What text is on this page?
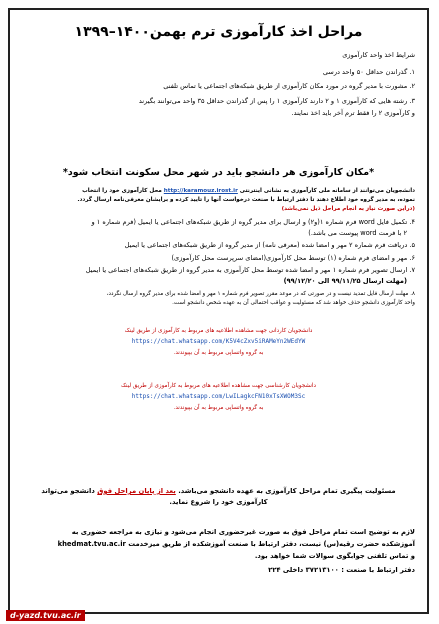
مراحل اخذ کارآموزی ترم بهمن۱۴۰۰–۱۳۹۹
شرایط اخذ واحد کارآموزی
۱. گذراندن حداقل ۵۰ واحد درسی
۲. مشورت با مدیر گروه در مورد مکان کارآموزی از طریق شبکه‌های اجتماعی یا تماس تلفنی
۳. رشته هایی که کارآموزی ۱ و ۲ دارند کارآموزی ۱ را پس از گذراندن حداقل ۳۵ واحد می‌توانند بگیرند
و کارآموزی ۲ را فقط ترم آخر باید اخذ نمایند.
*مکان کارآموزی هر دانشجو باید در شهر محل سکونت انتخاب شود*
دانشجویان می‌توانند از سامانه ملی کارآموزی به نشانی اینترنتی http://karamouz.irost.ir محل کارآموزی خود را انتخاب
نموده، به مدیر گروه خود اطلاع دهند تا دفتر ارتباط با صنعت درخواست آنها را تایید کرده و برایشان معرفی‌نامه ارسال گردد.
(دراین صورت نیاز به انجام مراحل ذیل نمی‌باشد)
۴. تکمیل فایل word فرم شماره ۱(و۲) و ارسال برای مدیر گروه از طریق شبکه‌های اجتماعی یا ایمیل (فرم شماره ۱ و
۲ با فرمت word پیوست می باشد.)
۵. دریافت فرم شماره ۲ مهر و امضا شده (معرفی نامه) از مدیر گروه از طریق شبکه‌های اجتماعی یا ایمیل
۶. مهر و امضای فرم شماره (۱) توسط محل کارآموزی(امضای سرپرست محل کارآموزی)
۷. ارسال تصویر فرم شماره ۱ مهر و امضا شده توسط محل کارآموزی به مدیر گروه از طریق شبکه‌های اجتماعی یا ایمیل
(مهلت ارسال ۹۹/۱۱/۲۵ الی ۹۹/۱۲/۲۰)
۸. مهلت ارسال فایل تمدید نیست و در صورتی که در موعد مقرر تصویر فرم شماره ۱ مهر و امضا شده برای مدیر گروه ارسال نگردد،
واحد کارآموزی دانشجو حذف خواهد شد که مسئولیت و عواقب احتمالی آن به عهده شخص دانشجو است.
دانشجویان کاردانی جهت مشاهده اطلاعیه های مربوط به کارآموزی از طریق لینک
https://chat.whatsapp.com/K5V4cZxv5iRAMeYn2WEdYW
به گروه واتساپی مربوط به آن بپیوندند.
دانشجویان کارشناسی جهت مشاهده اطلاعیه های مربوط به کارآموزی از طریق لینک
https://chat.whatsapp.com/LwILagkcFN10xTsXWOM3Sc
به گروه واتساپی مربوط به آن بپیوندند.
مسئولیت پیگیری تمام مراحل کارآموزی به عهده دانشجو می‌باشد. بعد از پایان مراحل فوق دانشجو می‌تواند
کارآموزی خود را شروع نماید.
لازم به توضیح است تمام مراحل فوق به صورت غیرحضوری انجام می‌شود و نیازی به مراجعه حضوری به
آموزشکده حضرت رقیه(س) نیست، دفتر ارتباط با صنعت آموزشکده از طریق میزخدمت khedmat.tvu.ac.ir
و تماس تلفنی جوابگوی سوالات شما خواهد بود.
دفتر ارتباط با صنعت : ۳۷۲۱۳۱۰۰ داخلی ۲۲۴
d-yazd.tvu.ac.ir
